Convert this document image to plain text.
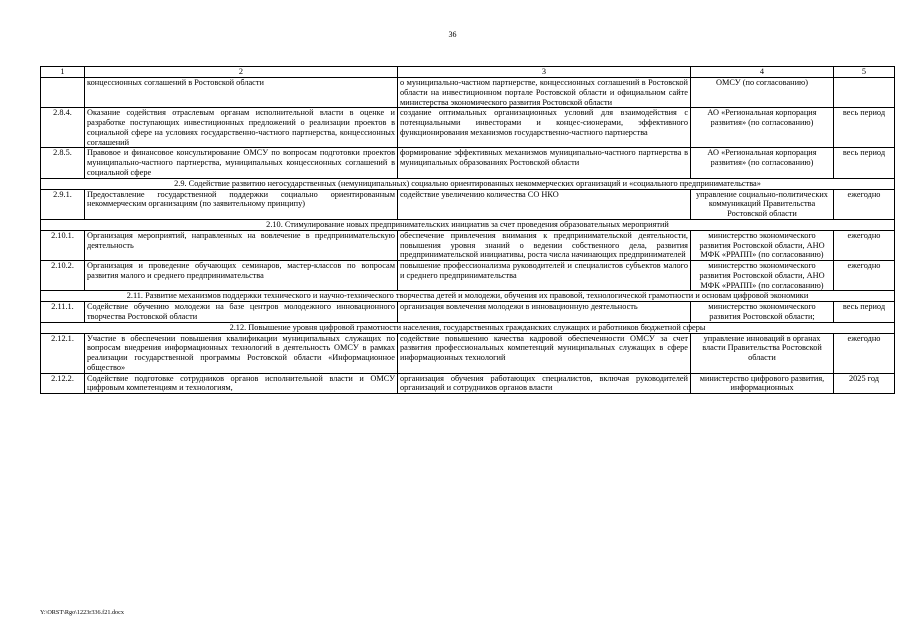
36
1	2	3	4	5
	концессионных соглашений в Ростовской области	о муниципально-частном партнерстве, концессионных соглашений в Ростовской области на инвестиционном портале Ростовской области и официальном сайте министерства экономического развития Ростовской области	ОМСУ (по согласованию)	
2.8.4.	Оказание содействия отраслевым органам исполнительной власти в оценке и разработке поступающих инвестиционных предложений о реализации проектов в социальной сфере на условиях государственно-частного партнерства, концессионных соглашений	создание оптимальных организационных условий для взаимодействия с потенциальными инвесторами и концес-сионерами, эффективного функционирования механизмов государственно-частного партнерства	АО «Региональная корпорация развития» (по согласованию)	весь период
2.8.5.	Правовое и финансовое консультирование ОМСУ по вопросам подготовки проектов муниципально-частного партнерства, муниципальных концессионных соглашений в социальной сфере	формирование эффективных механизмов муниципально-частного партнерства в муниципальных образованиях Ростовской области	АО «Региональная корпорация развития» (по согласованию)	весь период
2.9. Содействие развитию негосударственных (немуниципальных) социально ориентированных некоммерческих организаций и «социального предпринимательства»				
2.9.1.	Предоставление государственной поддержки социально ориентированным некоммерческим организациям (по заявительному принципу)	содействие увеличению количества СО НКО	управление социально-политических коммуникаций Правительства Ростовской области	ежегодно
2.10. Стимулирование новых предпринимательских инициатив за счет проведения образовательных мероприятий				
2.10.1.	Организация мероприятий, направленных на вовлечение в предпринимательскую деятельность	обеспечение привлечения внимания к предпринимательской деятельности, повышения уровня знаний о ведении собственного дела, развития предпринимательской инициативы, роста числа начинающих предпринимателей	министерство экономического развития Ростовской области, АНО МФК «РРАПП» (по согласованию)	ежегодно
2.10.2.	Организация и проведение обучающих семинаров, мастер-классов по вопросам развития малого и среднего предпринимательства	повышение профессионализма руководителей и специалистов субъектов малого и среднего предпринимательства	министерство экономического развития Ростовской области, АНО МФК «РРАПП» (по согласованию)	ежегодно
2.11. Развитие механизмов поддержки технического и научно-технического творчества детей и молодежи, обучения их правовой, технологической грамотности и основам цифровой экономики				
2.11.1.	Содействие обучению молодежи на базе центров молодежного инновационного творчества Ростовской области	организация вовлечения молодежи в инновационную деятельность	министерство экономического развития Ростовской области;	весь период
2.12. Повышение уровня цифровой грамотности населения, государственных гражданских служащих и работников бюджетной сферы				
2.12.1.	Участие в обеспечении повышения квалификации муниципальных служащих по вопросам внедрения информационных технологий в деятельность ОМСУ в рамках реализации государственной программы Ростовской области «Информационное общество»	содействие повышению качества кадровой обеспеченности ОМСУ за счет развития профессиональных компетенций муниципальных служащих в сфере информационных технологий	управление инноваций в органах власти Правительства Ростовской области	ежегодно
2.12.2.	Содействие подготовке сотрудников органов исполнительной власти и ОМСУ цифровым компетенциям и технологиям,	организация обучения работающих специалистов, включая руководителей организаций и сотрудников органов власти	министерство цифрового развития, информационных	2025 год
Y:\ORST\Rgo\1223r336.f21.docx
